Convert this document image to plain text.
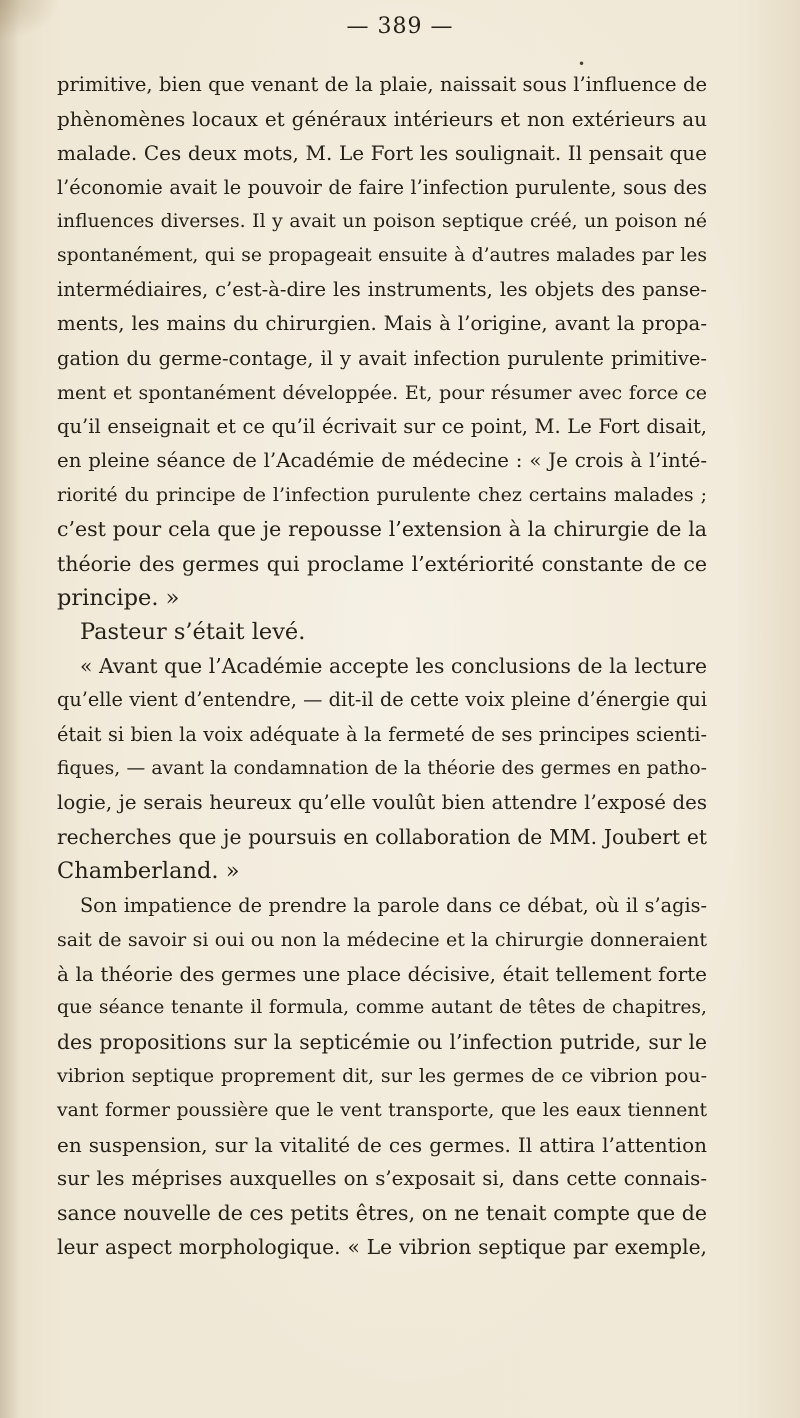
— 389 —
•
primitive, bien que venant de la plaie, naissait sous l’influence de
phènomènes locaux et généraux intérieurs et non extérieurs au
malade. Ces deux mots, M. Le Fort les soulignait. Il pensait que
l’économie avait le pouvoir de faire l’infection purulente, sous des
influences diverses. Il y avait un poison septique créé, un poison né
spontanément, qui se propageait ensuite à d’autres malades par les
intermédiaires, c’est-à-dire les instruments, les objets des panse-
ments, les mains du chirurgien. Mais à l’origine, avant la propa-
gation du germe-contage, il y avait infection purulente primitive-
ment et spontanément développée. Et, pour résumer avec force ce
qu’il enseignait et ce qu’il écrivait sur ce point, M. Le Fort disait,
en pleine séance de l’Académie de médecine : « Je crois à l’inté-
riorité du principe de l’infection purulente chez certains malades ;
c’est pour cela que je repousse l’extension à la chirurgie de la
théorie des germes qui proclame l’extériorité constante de ce
principe. »
Pasteur s’était levé.
« Avant que l’Académie accepte les conclusions de la lecture
qu’elle vient d’entendre, — dit-il de cette voix pleine d’énergie qui
était si bien la voix adéquate à la fermeté de ses principes scienti-
fiques, — avant la condamnation de la théorie des germes en patho-
logie, je serais heureux qu’elle voulût bien attendre l’exposé des
recherches que je poursuis en collaboration de MM. Joubert et
Chamberland. »
Son impatience de prendre la parole dans ce débat, où il s’agis-
sait de savoir si oui ou non la médecine et la chirurgie donneraient
à la théorie des germes une place décisive, était tellement forte
que séance tenante il formula, comme autant de têtes de chapitres,
des propositions sur la septicémie ou l’infection putride, sur le
vibrion septique proprement dit, sur les germes de ce vibrion pou-
vant former poussière que le vent transporte, que les eaux tiennent
en suspension, sur la vitalité de ces germes. Il attira l’attention
sur les méprises auxquelles on s’exposait si, dans cette connais-
sance nouvelle de ces petits êtres, on ne tenait compte que de
leur aspect morphologique. « Le vibrion septique par exemple,
